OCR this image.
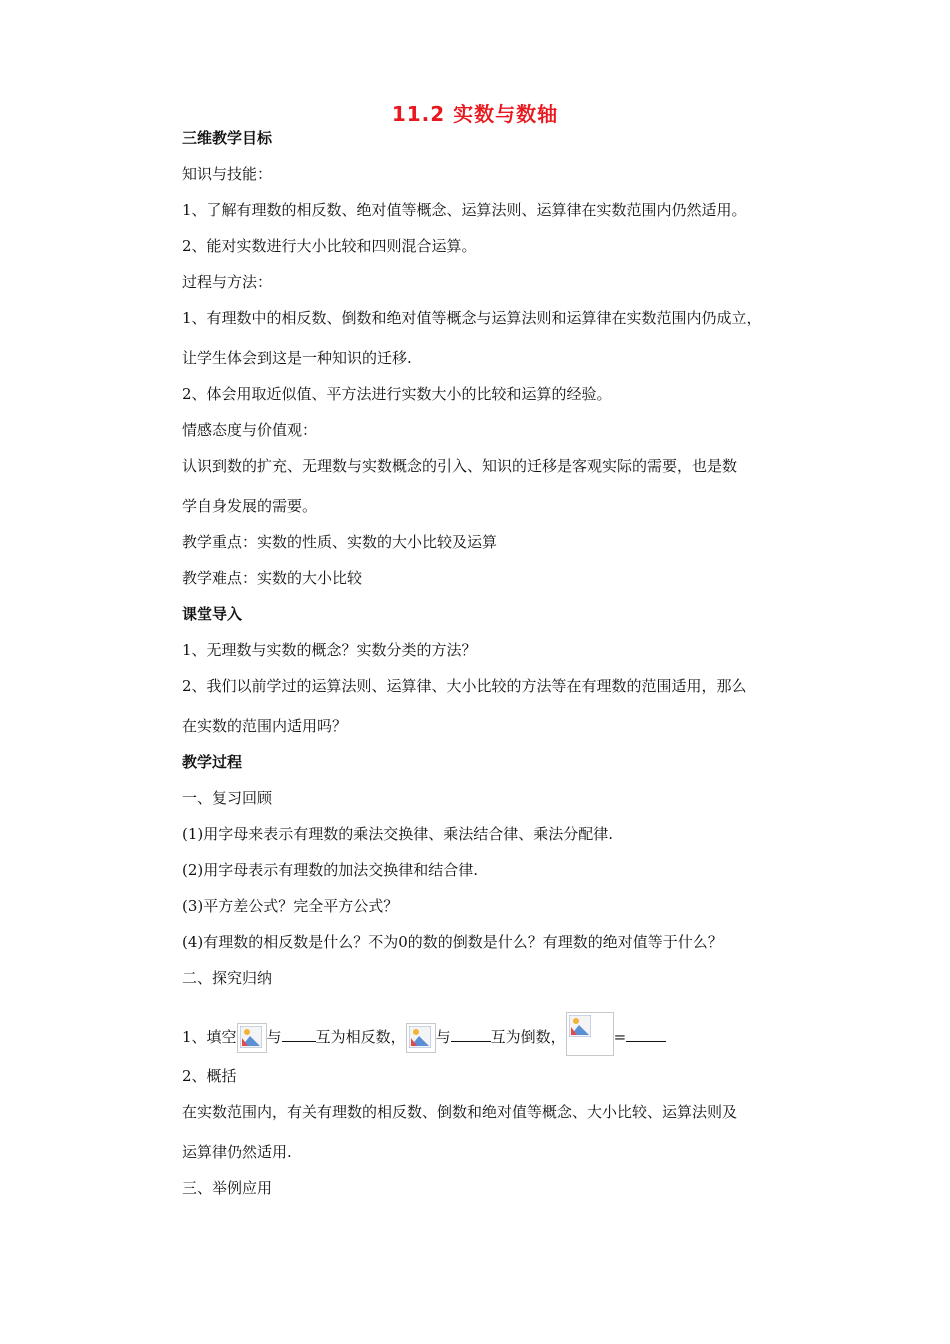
11.2 实数与数轴
三维教学目标
知识与技能：
1、了解有理数的相反数、绝对值等概念、运算法则、运算律在实数范围内仍然适用。
2、能对实数进行大小比较和四则混合运算。
过程与方法：
1、有理数中的相反数、倒数和绝对值等概念与运算法则和运算律在实数范围内仍成立，
让学生体会到这是一种知识的迁移.
2、体会用取近似值、平方法进行实数大小的比较和运算的经验。
情感态度与价值观：
认识到数的扩充、无理数与实数概念的引入、知识的迁移是客观实际的需要，也是数
学自身发展的需要。
教学重点：实数的性质、实数的大小比较及运算
教学难点：实数的大小比较
课堂导入
1、无理数与实数的概念？实数分类的方法？
2、我们以前学过的运算法则、运算律、大小比较的方法等在有理数的范围适用，那么
在实数的范围内适用吗？
教学过程
一、复习回顾
(1)用字母来表示有理数的乘法交换律、乘法结合律、乘法分配律.
(2)用字母表示有理数的加法交换律和结合律.
(3)平方差公式？完全平方公式？
(4)有理数的相反数是什么？不为0的数的倒数是什么？有理数的绝对值等于什么？
二、探究归纳
1、填空 与 互为相反数， 与	互为倒数，	=
2、概括
在实数范围内，有关有理数的相反数、倒数和绝对值等概念、大小比较、运算法则及
运算律仍然适用.
三、举例应用
